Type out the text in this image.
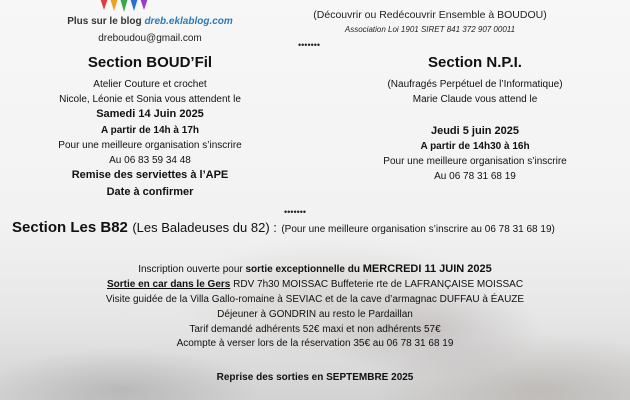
Plus sur le blog dreb.eklablog.com
dreboudou@gmail.com
(Découvrir ou Redécouvrir Ensemble à BOUDOU)
Association Loi 1901 SIRET 841 372 907 00011
•••••••
Section BOUD’Fil
Atelier Couture et crochet
Nicole, Léonie et Sonia vous attendent le
Samedi 14 Juin 2025
A partir de 14h à 17h
Pour une meilleure organisation s’inscrire
Au 06 83 59 34 48
Remise des serviettes à l’APE
Date à confirmer
Section N.P.I.
(Naufragés Perpétuel de l’Informatique)
Marie Claude vous attend le
Jeudi 5 juin 2025
A partir de 14h30 à 16h
Pour une meilleure organisation s’inscrire
Au 06 78 31 68 19
•••••••
Section Les B82 (Les Baladeuses du 82) : (Pour une meilleure organisation s’inscrire au 06 78 31 68 19)
Inscription ouverte pour sortie exceptionnelle du MERCREDI 11 JUIN 2025
Sortie en car dans le Gers RDV 7h30 MOISSAC Buffeterie rte de LAFRANÇAISE MOISSAC
Visite guidée de la Villa Gallo-romaine à SEVIAC et de la cave d’armagnac DUFFAU à ÉAUZE
Déjeuner à GONDRIN au resto le Pardaillan
Tarif demandé adhérents 52€ maxi et non adhérents 57€
Acompte à verser lors de la réservation 35€ au 06 78 31 68 19
Reprise des sorties en SEPTEMBRE 2025
